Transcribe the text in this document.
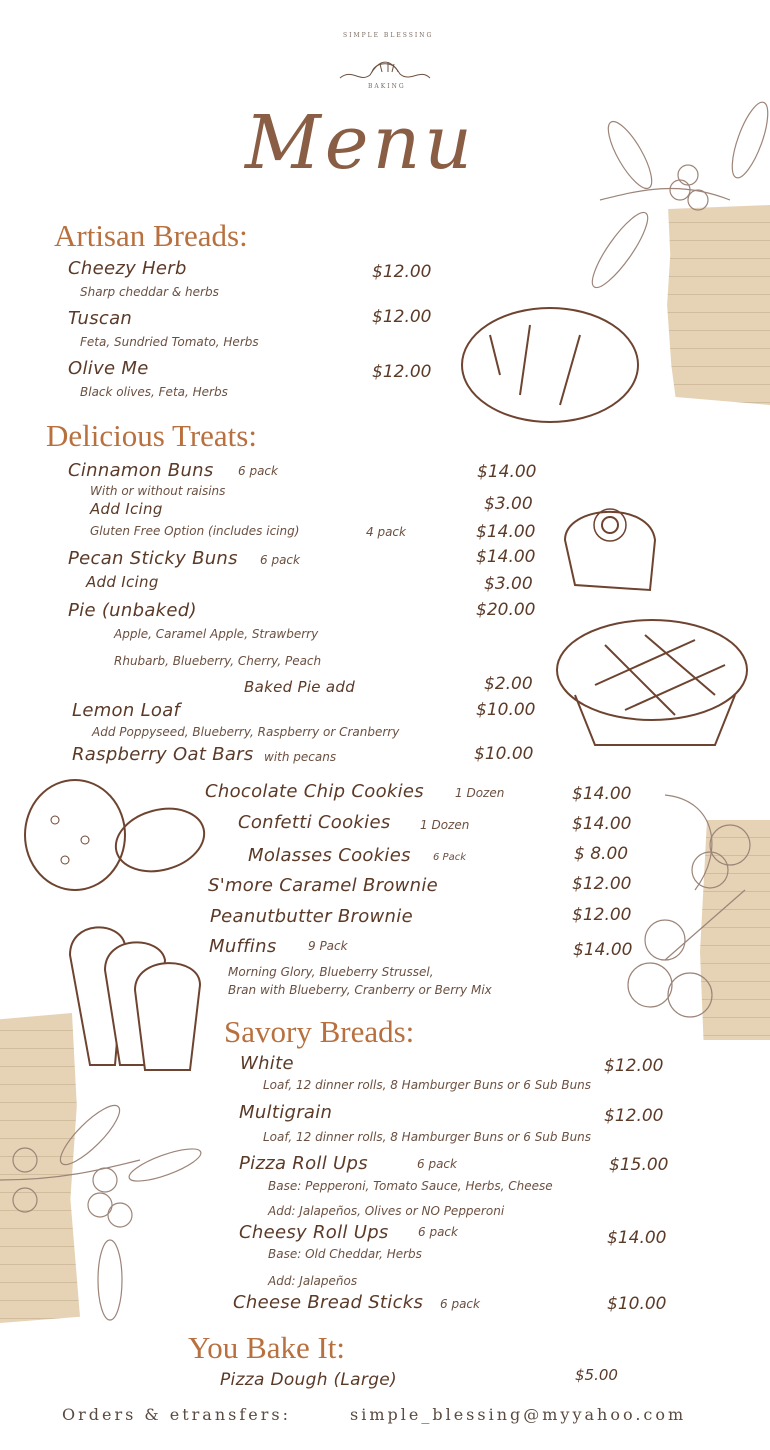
SIMPLE BLESSING
BAKING
Menu
Artisan Breads:
Cheezy Herb	$12.00
Sharp cheddar & herbs
Tuscan	$12.00
Feta, Sundried Tomato, Herbs
Olive Me	$12.00
Black olives, Feta, Herbs
Delicious Treats:
Cinnamon Buns 6 pack	$14.00
With or without raisins
Add Icing	$3.00
Gluten Free Option (includes icing)	4 pack	$14.00
Pecan Sticky Buns 6 pack	$14.00
Add Icing	$3.00
Pie (unbaked)	$20.00
Apple, Caramel Apple, Strawberry
Rhubarb, Blueberry, Cherry, Peach
Baked Pie add	$2.00
Lemon Loaf	$10.00
Add Poppyseed, Blueberry, Raspberry or Cranberry
Raspberry Oat Bars with pecans	$10.00
Chocolate Chip Cookies	1 Dozen	$14.00
Confetti Cookies 1 Dozen	$14.00
Molasses Cookies 6 Pack	$ 8.00
S'more Caramel Brownie	$12.00
Peanutbutter Brownie	$12.00
Muffins	9 Pack	$14.00
Morning Glory, Blueberry Strussel,
Bran with Blueberry, Cranberry or Berry Mix
Savory Breads:
White	$12.00
Loaf, 12 dinner rolls, 8 Hamburger Buns or 6 Sub Buns
Multigrain	$12.00
Loaf, 12 dinner rolls, 8 Hamburger Buns or 6 Sub Buns
Pizza Roll Ups	6 pack	$15.00
Base: Pepperoni, Tomato Sauce, Herbs, Cheese
Add: Jalapeños, Olives or NO Pepperoni
Cheesy Roll Ups 6 pack	$14.00
Base: Old Cheddar, Herbs
Add: Jalapeños
Cheese Bread Sticks 6 pack	$10.00
You Bake It:
Pizza Dough (Large)	$5.00
Orders & etransfers:	simple_blessing@myyahoo.com
